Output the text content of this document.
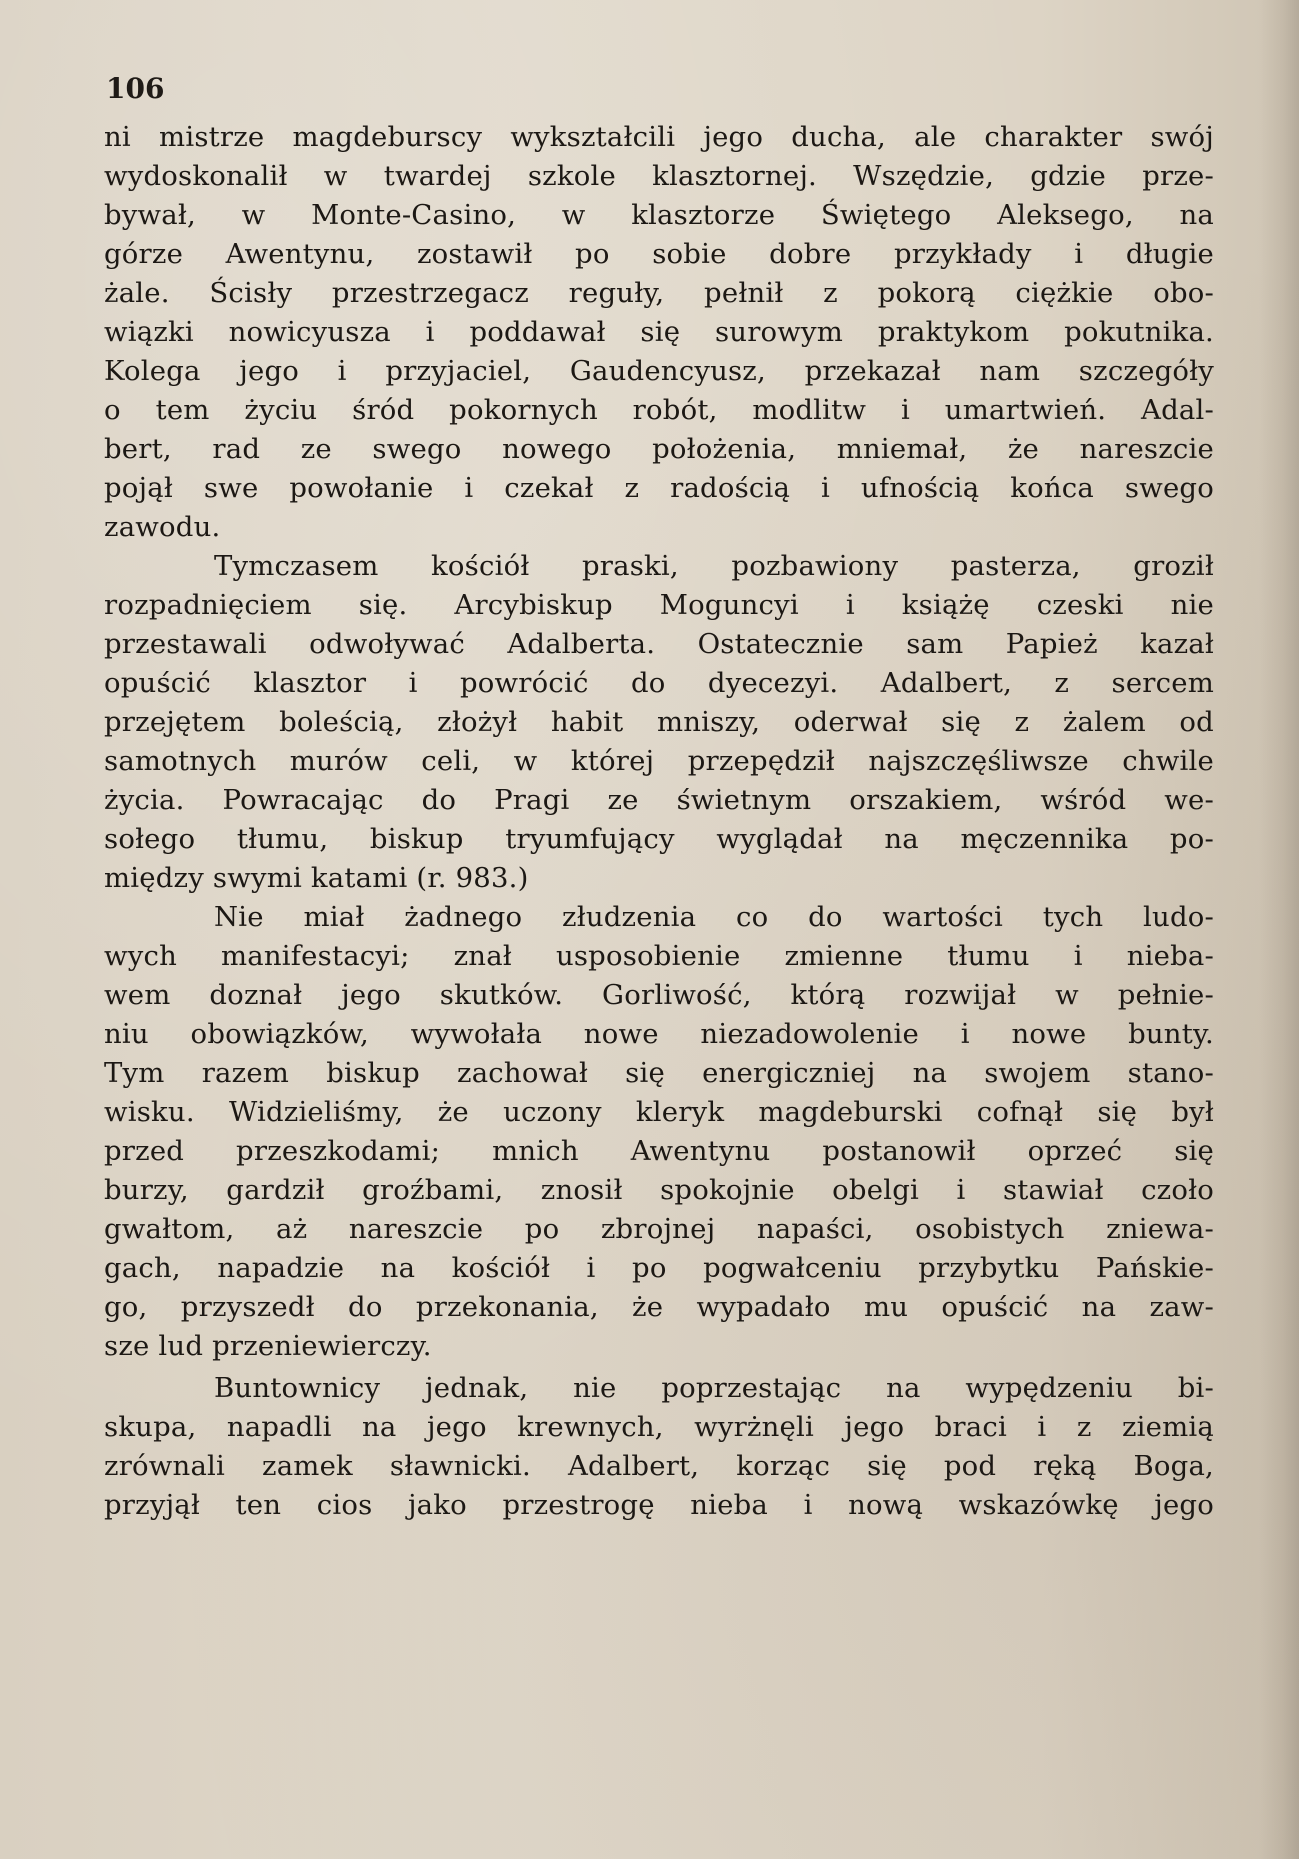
106

ni mistrze magdeburscy wykształcili jego ducha, ale charakter swój
wydoskonalił w twardej szkole klasztornej. Wszędzie, gdzie prze-
bywał, w Monte-Casino, w klasztorze Świętego Aleksego, na
górze Awentynu, zostawił po sobie dobre przykłady i długie
żale. Ścisły przestrzegacz reguły, pełnił z pokorą ciężkie obo-
wiązki nowicyusza i poddawał się surowym praktykom pokutnika.
Kolega jego i przyjaciel, Gaudencyusz, przekazał nam szczegóły
o tem życiu śród pokornych robót, modlitw i umartwień. Adal-
bert, rad ze swego nowego położenia, mniemał, że nareszcie
pojął swe powołanie i czekał z radością i ufnością końca swego
zawodu.
Tymczasem kościół praski, pozbawiony pasterza, groził
rozpadnięciem się. Arcybiskup Moguncyi i książę czeski nie
przestawali odwoływać Adalberta. Ostatecznie sam Papież kazał
opuścić klasztor i powrócić do dyecezyi. Adalbert, z sercem
przejętem boleścią, złożył habit mniszy, oderwał się z żalem od
samotnych murów celi, w której przepędził najszczęśliwsze chwile
życia. Powracając do Pragi ze świetnym orszakiem, wśród we-
sołego tłumu, biskup tryumfujący wyglądał na męczennika po-
między swymi katami (r. 983.)
Nie miał żadnego złudzenia co do wartości tych ludo-
wych manifestacyi; znał usposobienie zmienne tłumu i nieba-
wem doznał jego skutków. Gorliwość, którą rozwijał w pełnie-
niu obowiązków, wywołała nowe niezadowolenie i nowe bunty.
Tym razem biskup zachował się energiczniej na swojem stano-
wisku. Widzieliśmy, że uczony kleryk magdeburski cofnął się był
przed przeszkodami; mnich Awentynu postanowił oprzeć się
burzy, gardził groźbami, znosił spokojnie obelgi i stawiał czoło
gwałtom, aż nareszcie po zbrojnej napaści, osobistych zniewa-
gach, napadzie na kościół i po pogwałceniu przybytku Pańskie-
go, przyszedł do przekonania, że wypadało mu opuścić na zaw-
sze lud przeniewierczy.
Buntownicy jednak, nie poprzestając na wypędzeniu bi-
skupa, napadli na jego krewnych, wyrżnęli jego braci i z ziemią
zrównali zamek sławnicki. Adalbert, korząc się pod ręką Boga,
przyjął ten cios jako przestrogę nieba i nową wskazówkę jego
